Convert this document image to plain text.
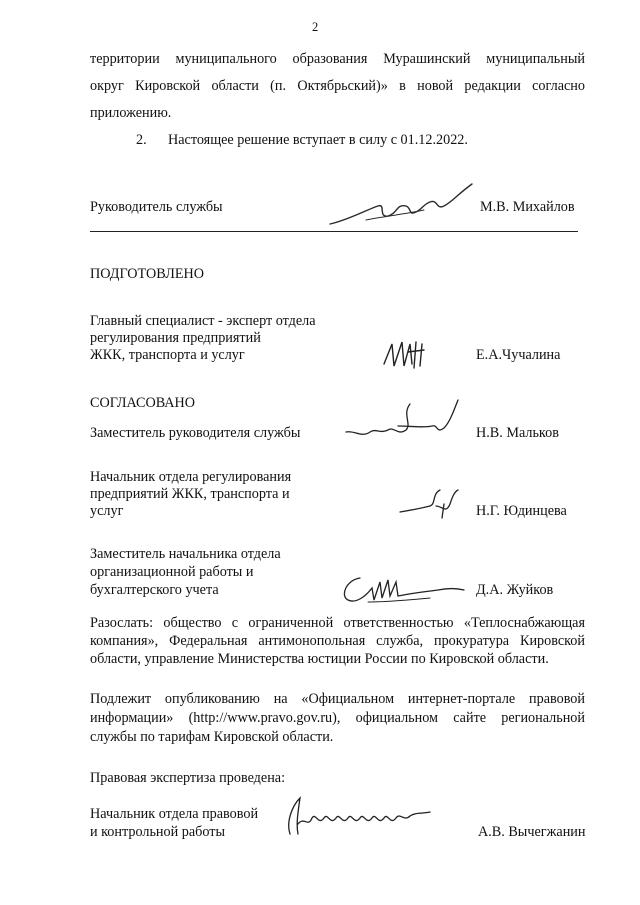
2
территории муниципального образования Мурашинский муниципальный
округ Кировской области (п. Октябрьский)» в новой редакции согласно
приложению.
2. Настоящее решение вступает в силу с 01.12.2022.
Руководитель службы	М.В. Михайлов
ПОДГОТОВЛЕНО
Главный специалист - эксперт отдела
регулирования предприятий
ЖКК, транспорта и услуг	Е.А.Чучалина
СОГЛАСОВАНО
Заместитель руководителя службы	Н.В. Мальков
Начальник отдела регулирования
предприятий ЖКК, транспорта и
услуг	Н.Г. Юдинцева
Заместитель начальника отдела
организационной работы и
бухгалтерского учета	Д.А. Жуйков
Разослать: общество с ограниченной ответственностью «Теплоснабжающая
компания», Федеральная антимонопольная служба, прокуратура Кировской
области, управление Министерства юстиции России по Кировской области.
Подлежит опубликованию на «Официальном интернет-портале правовой
информации» (http://www.pravo.gov.ru), официальном сайте региональной
службы по тарифам Кировской области.
Правовая экспертиза проведена:
Начальник отдела правовой
и контрольной работы	А.В. Вычегжанин
